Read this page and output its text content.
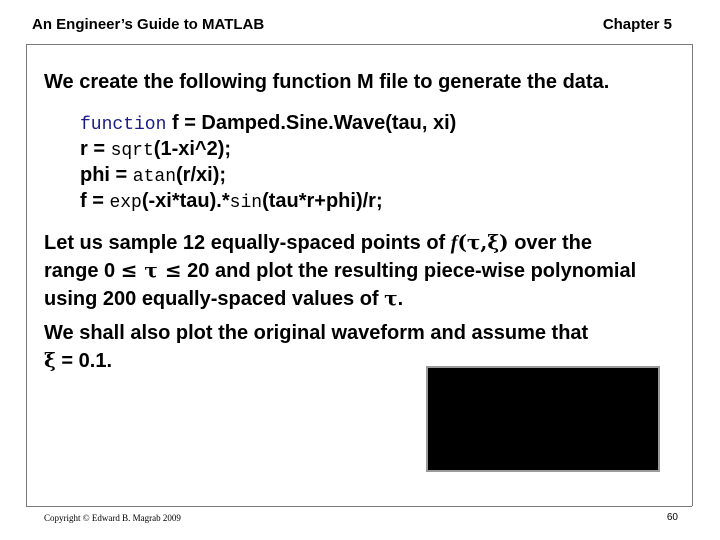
An Engineer’s Guide to MATLAB	Chapter 5
We create the following function M file to generate the data.
function f = Damped.Sine.Wave(tau, xi)
r = sqrt(1-xi^2);
phi = atan(r/xi);
f = exp(-xi*tau).*sin(tau*r+phi)/r;
Let us sample 12 equally-spaced points of f(τ,ξ) over the
range 0 ≤ τ ≤ 20 and plot the resulting piece-wise polynomial
using 200 equally-spaced values of τ.
We shall also plot the original waveform and assume that
ξ = 0.1.
Copyright © Edward B. Magrab 2009	60
